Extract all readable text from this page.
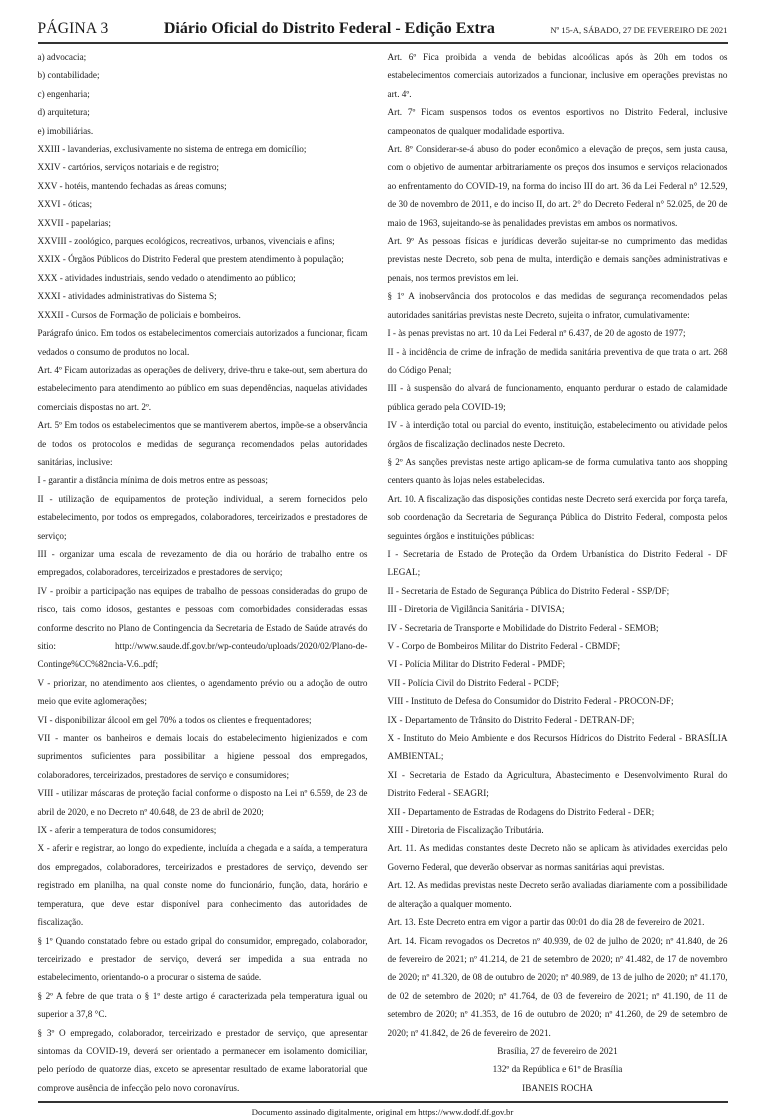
PÁGINA 3	Diário Oficial do Distrito Federal - Edição Extra	Nº 15-A, SÁBADO, 27 DE FEVEREIRO DE 2021

a) advocacia;

b) contabilidade;

c) engenharia;

d) arquitetura;

e) imobiliárias.

XXIII - lavanderias, exclusivamente no sistema de entrega em domicílio;

XXIV - cartórios, serviços notariais e de registro;

XXV - hotéis, mantendo fechadas as áreas comuns;

XXVI - óticas;

XXVII - papelarias;

XXVIII - zoológico, parques ecológicos, recreativos, urbanos, vivenciais e afins;

XXIX - Órgãos Públicos do Distrito Federal que prestem atendimento à população;

XXX - atividades industriais, sendo vedado o atendimento ao público;

XXXI - atividades administrativas do Sistema S;

XXXII - Cursos de Formação de policiais e bombeiros.

Parágrafo único. Em todos os estabelecimentos comerciais autorizados a funcionar, ficam vedados o consumo de produtos no local.

Art. 4º Ficam autorizadas as operações de delivery, drive-thru e take-out, sem abertura do estabelecimento para atendimento ao público em suas dependências, naquelas atividades comerciais dispostas no art. 2º.

Art. 5º Em todos os estabelecimentos que se mantiverem abertos, impõe-se a observância de todos os protocolos e medidas de segurança recomendados pelas autoridades sanitárias, inclusive:

I - garantir a distância mínima de dois metros entre as pessoas;

II - utilização de equipamentos de proteção individual, a serem fornecidos pelo estabelecimento, por todos os empregados, colaboradores, terceirizados e prestadores de serviço;

III - organizar uma escala de revezamento de dia ou horário de trabalho entre os empregados, colaboradores, terceirizados e prestadores de serviço;

IV - proibir a participação nas equipes de trabalho de pessoas consideradas do grupo de risco, tais como idosos, gestantes e pessoas com comorbidades consideradas essas conforme descrito no Plano de Contingencia da Secretaria de Estado de Saúde através do sitio: http://www.saude.df.gov.br/wp-conteudo/uploads/2020/02/Plano-de-Continge%CC%82ncia-V.6..pdf;

V - priorizar, no atendimento aos clientes, o agendamento prévio ou a adoção de outro meio que evite aglomerações;

VI - disponibilizar álcool em gel 70% a todos os clientes e frequentadores;

VII - manter os banheiros e demais locais do estabelecimento higienizados e com suprimentos suficientes para possibilitar a higiene pessoal dos empregados, colaboradores, terceirizados, prestadores de serviço e consumidores;

VIII - utilizar máscaras de proteção facial conforme o disposto na Lei nº 6.559, de 23 de abril de 2020, e no Decreto nº 40.648, de 23 de abril de 2020;

IX - aferir a temperatura de todos consumidores;

X - aferir e registrar, ao longo do expediente, incluída a chegada e a saída, a temperatura dos empregados, colaboradores, terceirizados e prestadores de serviço, devendo ser registrado em planilha, na qual conste nome do funcionário, função, data, horário e temperatura, que deve estar disponível para conhecimento das autoridades de fiscalização.

§ 1º Quando constatado febre ou estado gripal do consumidor, empregado, colaborador, terceirizado e prestador de serviço, deverá ser impedida a sua entrada no estabelecimento, orientando-o a procurar o sistema de saúde.

§ 2º A febre de que trata o § 1º deste artigo é caracterizada pela temperatura igual ou superior a 37,8 °C.

§ 3º O empregado, colaborador, terceirizado e prestador de serviço, que apresentar sintomas da COVID-19, deverá ser orientado a permanecer em isolamento domiciliar, pelo período de quatorze dias, exceto se apresentar resultado de exame laboratorial que comprove ausência de infecção pelo novo coronavírus.

Art. 6º Fica proibida a venda de bebidas alcoólicas após às 20h em todos os estabelecimentos comerciais autorizados a funcionar, inclusive em operações previstas no art. 4º.

Art. 7º Ficam suspensos todos os eventos esportivos no Distrito Federal, inclusive campeonatos de qualquer modalidade esportiva.

Art. 8º Considerar-se-á abuso do poder econômico a elevação de preços, sem justa causa, com o objetivo de aumentar arbitrariamente os preços dos insumos e serviços relacionados ao enfrentamento do COVID-19, na forma do inciso III do art. 36 da Lei Federal n° 12.529, de 30 de novembro de 2011, e do inciso II, do art. 2° do Decreto Federal n° 52.025, de 20 de maio de 1963, sujeitando-se às penalidades previstas em ambos os normativos.

Art. 9º As pessoas físicas e jurídicas deverão sujeitar-se no cumprimento das medidas previstas neste Decreto, sob pena de multa, interdição e demais sanções administrativas e penais, nos termos previstos em lei.

§ 1º A inobservância dos protocolos e das medidas de segurança recomendados pelas autoridades sanitárias previstas neste Decreto, sujeita o infrator, cumulativamente:

I - às penas previstas no art. 10 da Lei Federal nº 6.437, de 20 de agosto de 1977;

II - à incidência de crime de infração de medida sanitária preventiva de que trata o art. 268 do Código Penal;

III - à suspensão do alvará de funcionamento, enquanto perdurar o estado de calamidade pública gerado pela COVID-19;

IV - à interdição total ou parcial do evento, instituição, estabelecimento ou atividade pelos órgãos de fiscalização declinados neste Decreto.

§ 2º As sanções previstas neste artigo aplicam-se de forma cumulativa tanto aos shopping centers quanto às lojas neles estabelecidas.

Art. 10. A fiscalização das disposições contidas neste Decreto será exercida por força tarefa, sob coordenação da Secretaria de Segurança Pública do Distrito Federal, composta pelos seguintes órgãos e instituições públicas:

I - Secretaria de Estado de Proteção da Ordem Urbanística do Distrito Federal - DF LEGAL;

II - Secretaria de Estado de Segurança Pública do Distrito Federal - SSP/DF;

III - Diretoria de Vigilância Sanitária - DIVISA;

IV - Secretaria de Transporte e Mobilidade do Distrito Federal - SEMOB;

V - Corpo de Bombeiros Militar do Distrito Federal - CBMDF;

VI - Polícia Militar do Distrito Federal - PMDF;

VII - Polícia Civil do Distrito Federal - PCDF;

VIII - Instituto de Defesa do Consumidor do Distrito Federal - PROCON-DF;

IX - Departamento de Trânsito do Distrito Federal - DETRAN-DF;

X - Instituto do Meio Ambiente e dos Recursos Hídricos do Distrito Federal - BRASÍLIA AMBIENTAL;

XI - Secretaria de Estado da Agricultura, Abastecimento e Desenvolvimento Rural do Distrito Federal - SEAGRI;

XII - Departamento de Estradas de Rodagens do Distrito Federal - DER;

XIII - Diretoria de Fiscalização Tributária.

Art. 11. As medidas constantes deste Decreto não se aplicam às atividades exercidas pelo Governo Federal, que deverão observar as normas sanitárias aqui previstas.

Art. 12. As medidas previstas neste Decreto serão avaliadas diariamente com a possibilidade de alteração a qualquer momento.

Art. 13. Este Decreto entra em vigor a partir das 00:01 do dia 28 de fevereiro de 2021.

Art. 14. Ficam revogados os Decretos nº 40.939, de 02 de julho de 2020; nº 41.840, de 26 de fevereiro de 2021; nº 41.214, de 21 de setembro de 2020; nº 41.482, de 17 de novembro de 2020; nº 41.320, de 08 de outubro de 2020; nº 40.989, de 13 de julho de 2020; nº 41.170, de 02 de setembro de 2020; nº 41.764, de 03 de fevereiro de 2021; nº 41.190, de 11 de setembro de 2020; nº 41.353, de 16 de outubro de 2020; nº 41.260, de 29 de setembro de 2020; nº 41.842, de 26 de fevereiro de 2021.

Brasília, 27 de fevereiro de 2021

132º da República e 61º de Brasília

IBANEIS ROCHA

Documento assinado digitalmente, original em https://www.dodf.df.gov.br
